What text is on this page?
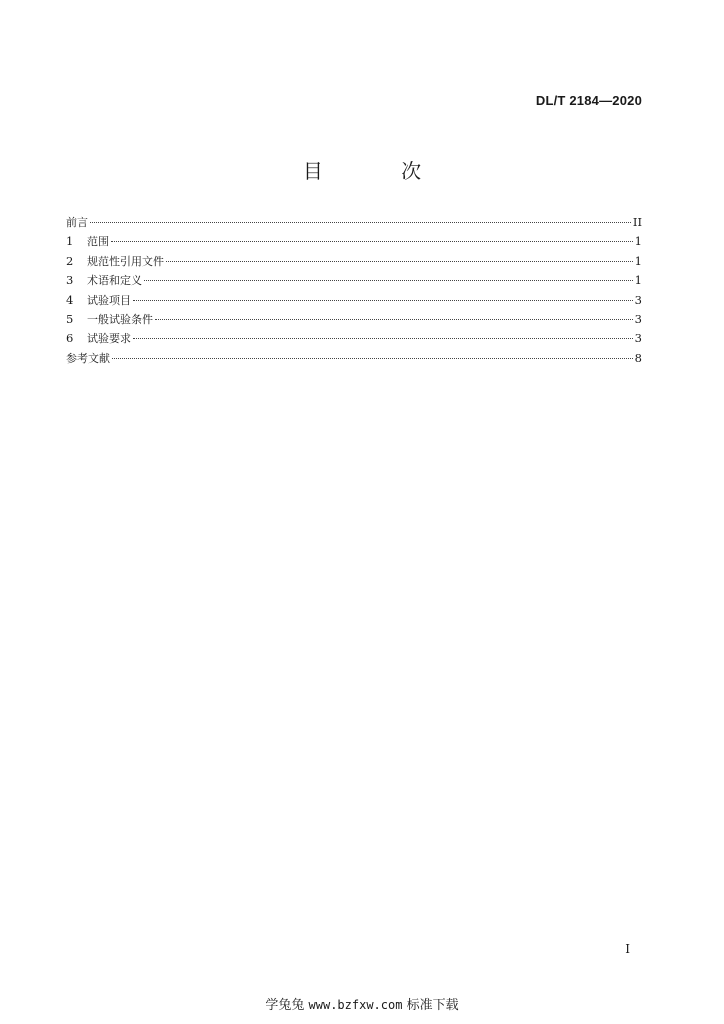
DL/T 2184—2020
目 次
前言	II
1	范围	1
2	规范性引用文件	1
3	术语和定义	1
4	试验项目	3
5	一般试验条件	3
6	试验要求	3
参考文献	8
I
学兔兔 www.bzfxw.com 标准下载
